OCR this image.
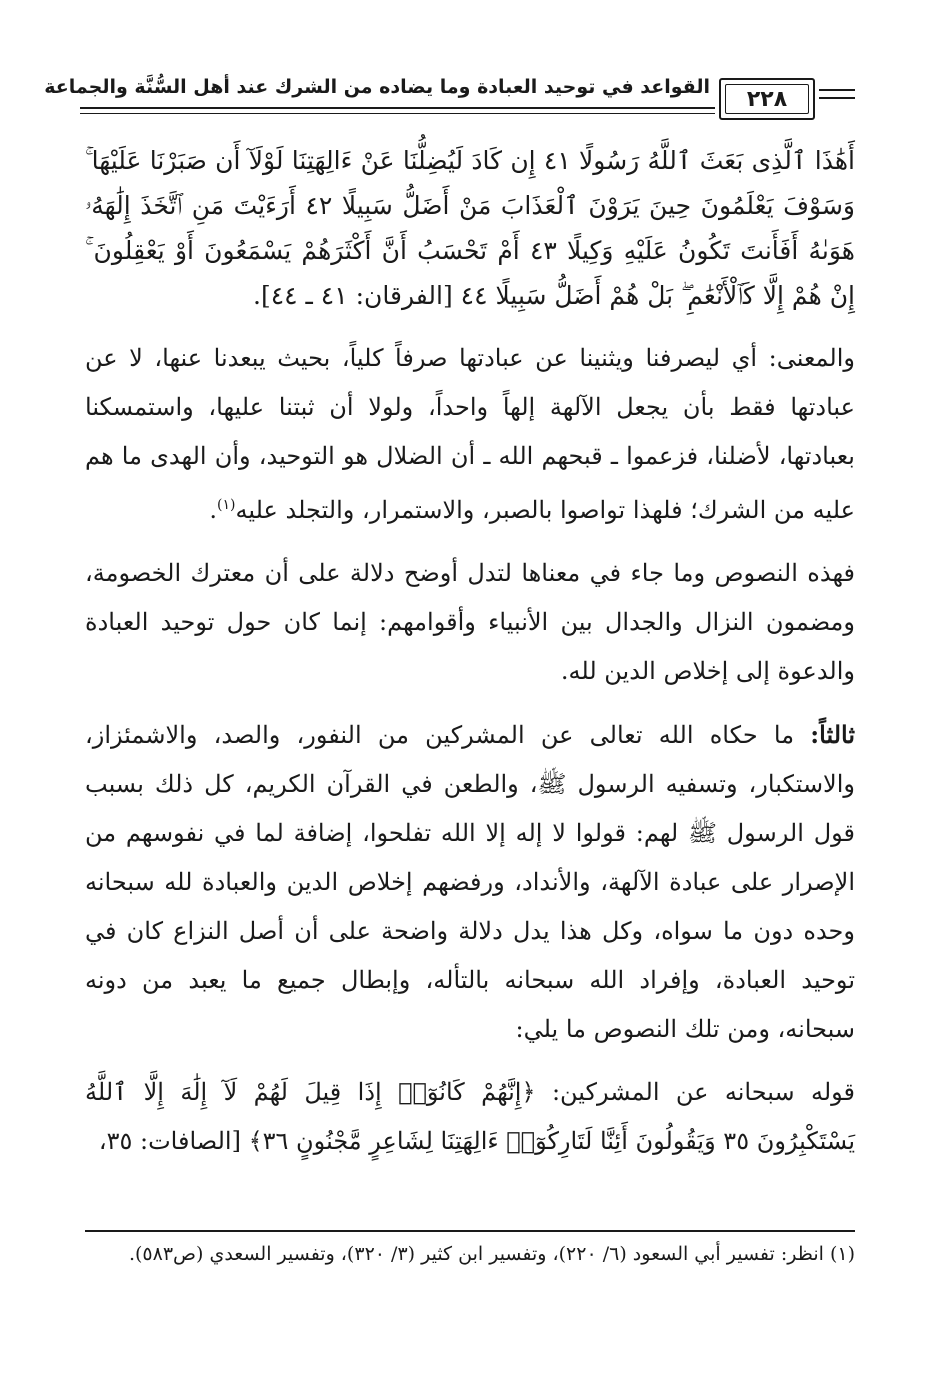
٢٢٨
القواعد في توحيد العبادة وما يضاده من الشرك عند أهل السُّنَّة والجماعة

أَهَٰذَا ٱلَّذِى بَعَثَ ٱللَّهُ رَسُولًا ٤١ إِن كَادَ لَيُضِلُّنَا عَنْ ءَالِهَتِنَا لَوْلَآ أَن صَبَرْنَا عَلَيْهَا ۚ وَسَوْفَ يَعْلَمُونَ حِينَ يَرَوْنَ ٱلْعَذَابَ مَنْ أَضَلُّ سَبِيلًا ٤٢ أَرَءَيْتَ مَنِ ٱتَّخَذَ إِلَٰهَهُۥ هَوَىٰهُ أَفَأَنتَ تَكُونُ عَلَيْهِ وَكِيلًا ٤٣ أَمْ تَحْسَبُ أَنَّ أَكْثَرَهُمْ يَسْمَعُونَ أَوْ يَعْقِلُونَ ۚ إِنْ هُمْ إِلَّا كَٱلْأَنْعَٰمِ ۖ بَلْ هُمْ أَضَلُّ سَبِيلًا ٤٤ [الفرقان: ٤١ ـ ٤٤].

والمعنى: أي ليصرفنا ويثنينا عن عبادتها صرفاً كلياً، بحيث يبعدنا عنها، لا عن عبادتها فقط بأن يجعل الآلهة إلهاً واحداً، ولولا أن ثبتنا عليها، واستمسكنا بعبادتها، لأضلنا، فزعموا ـ قبحهم الله ـ أن الضلال هو التوحيد، وأن الهدى ما هم عليه من الشرك؛ فلهذا تواصوا بالصبر، والاستمرار، والتجلد عليه$^{(١)}$.

فهذه النصوص وما جاء في معناها لتدل أوضح دلالة على أن معترك الخصومة، ومضمون النزال والجدال بين الأنبياء وأقوامهم: إنما كان حول توحيد العبادة والدعوة إلى إخلاص الدين لله.

ثالثاً: ما حكاه الله تعالى عن المشركين من النفور، والصد، والاشمئزاز، والاستكبار، وتسفيه الرسول ﷺ، والطعن في القرآن الكريم، كل ذلك بسبب قول الرسول ﷺ لهم: قولوا لا إله إلا الله تفلحوا، إضافة لما في نفوسهم من الإصرار على عبادة الآلهة، والأنداد، ورفضهم إخلاص الدين والعبادة لله سبحانه وحده دون ما سواه، وكل هذا يدل دلالة واضحة على أن أصل النزاع كان في توحيد العبادة، وإفراد الله سبحانه بالتأله، وإبطال جميع ما يعبد من دونه سبحانه، ومن تلك النصوص ما يلي:

قوله سبحانه عن المشركين: ﴿إِنَّهُمْ كَانُوٓا۟ إِذَا قِيلَ لَهُمْ لَآ إِلَٰهَ إِلَّا ٱللَّهُ يَسْتَكْبِرُونَ ٣٥ وَيَقُولُونَ أَئِنَّا لَتَارِكُوٓا۟ ءَالِهَتِنَا لِشَاعِرٍ مَّجْنُونٍ ٣٦﴾ [الصافات: ٣٥،

(١) انظر: تفسير أبي السعود (٦/ ٢٢٠)، وتفسير ابن كثير (٣/ ٣٢٠)، وتفسير السعدي (ص٥٨٣).
